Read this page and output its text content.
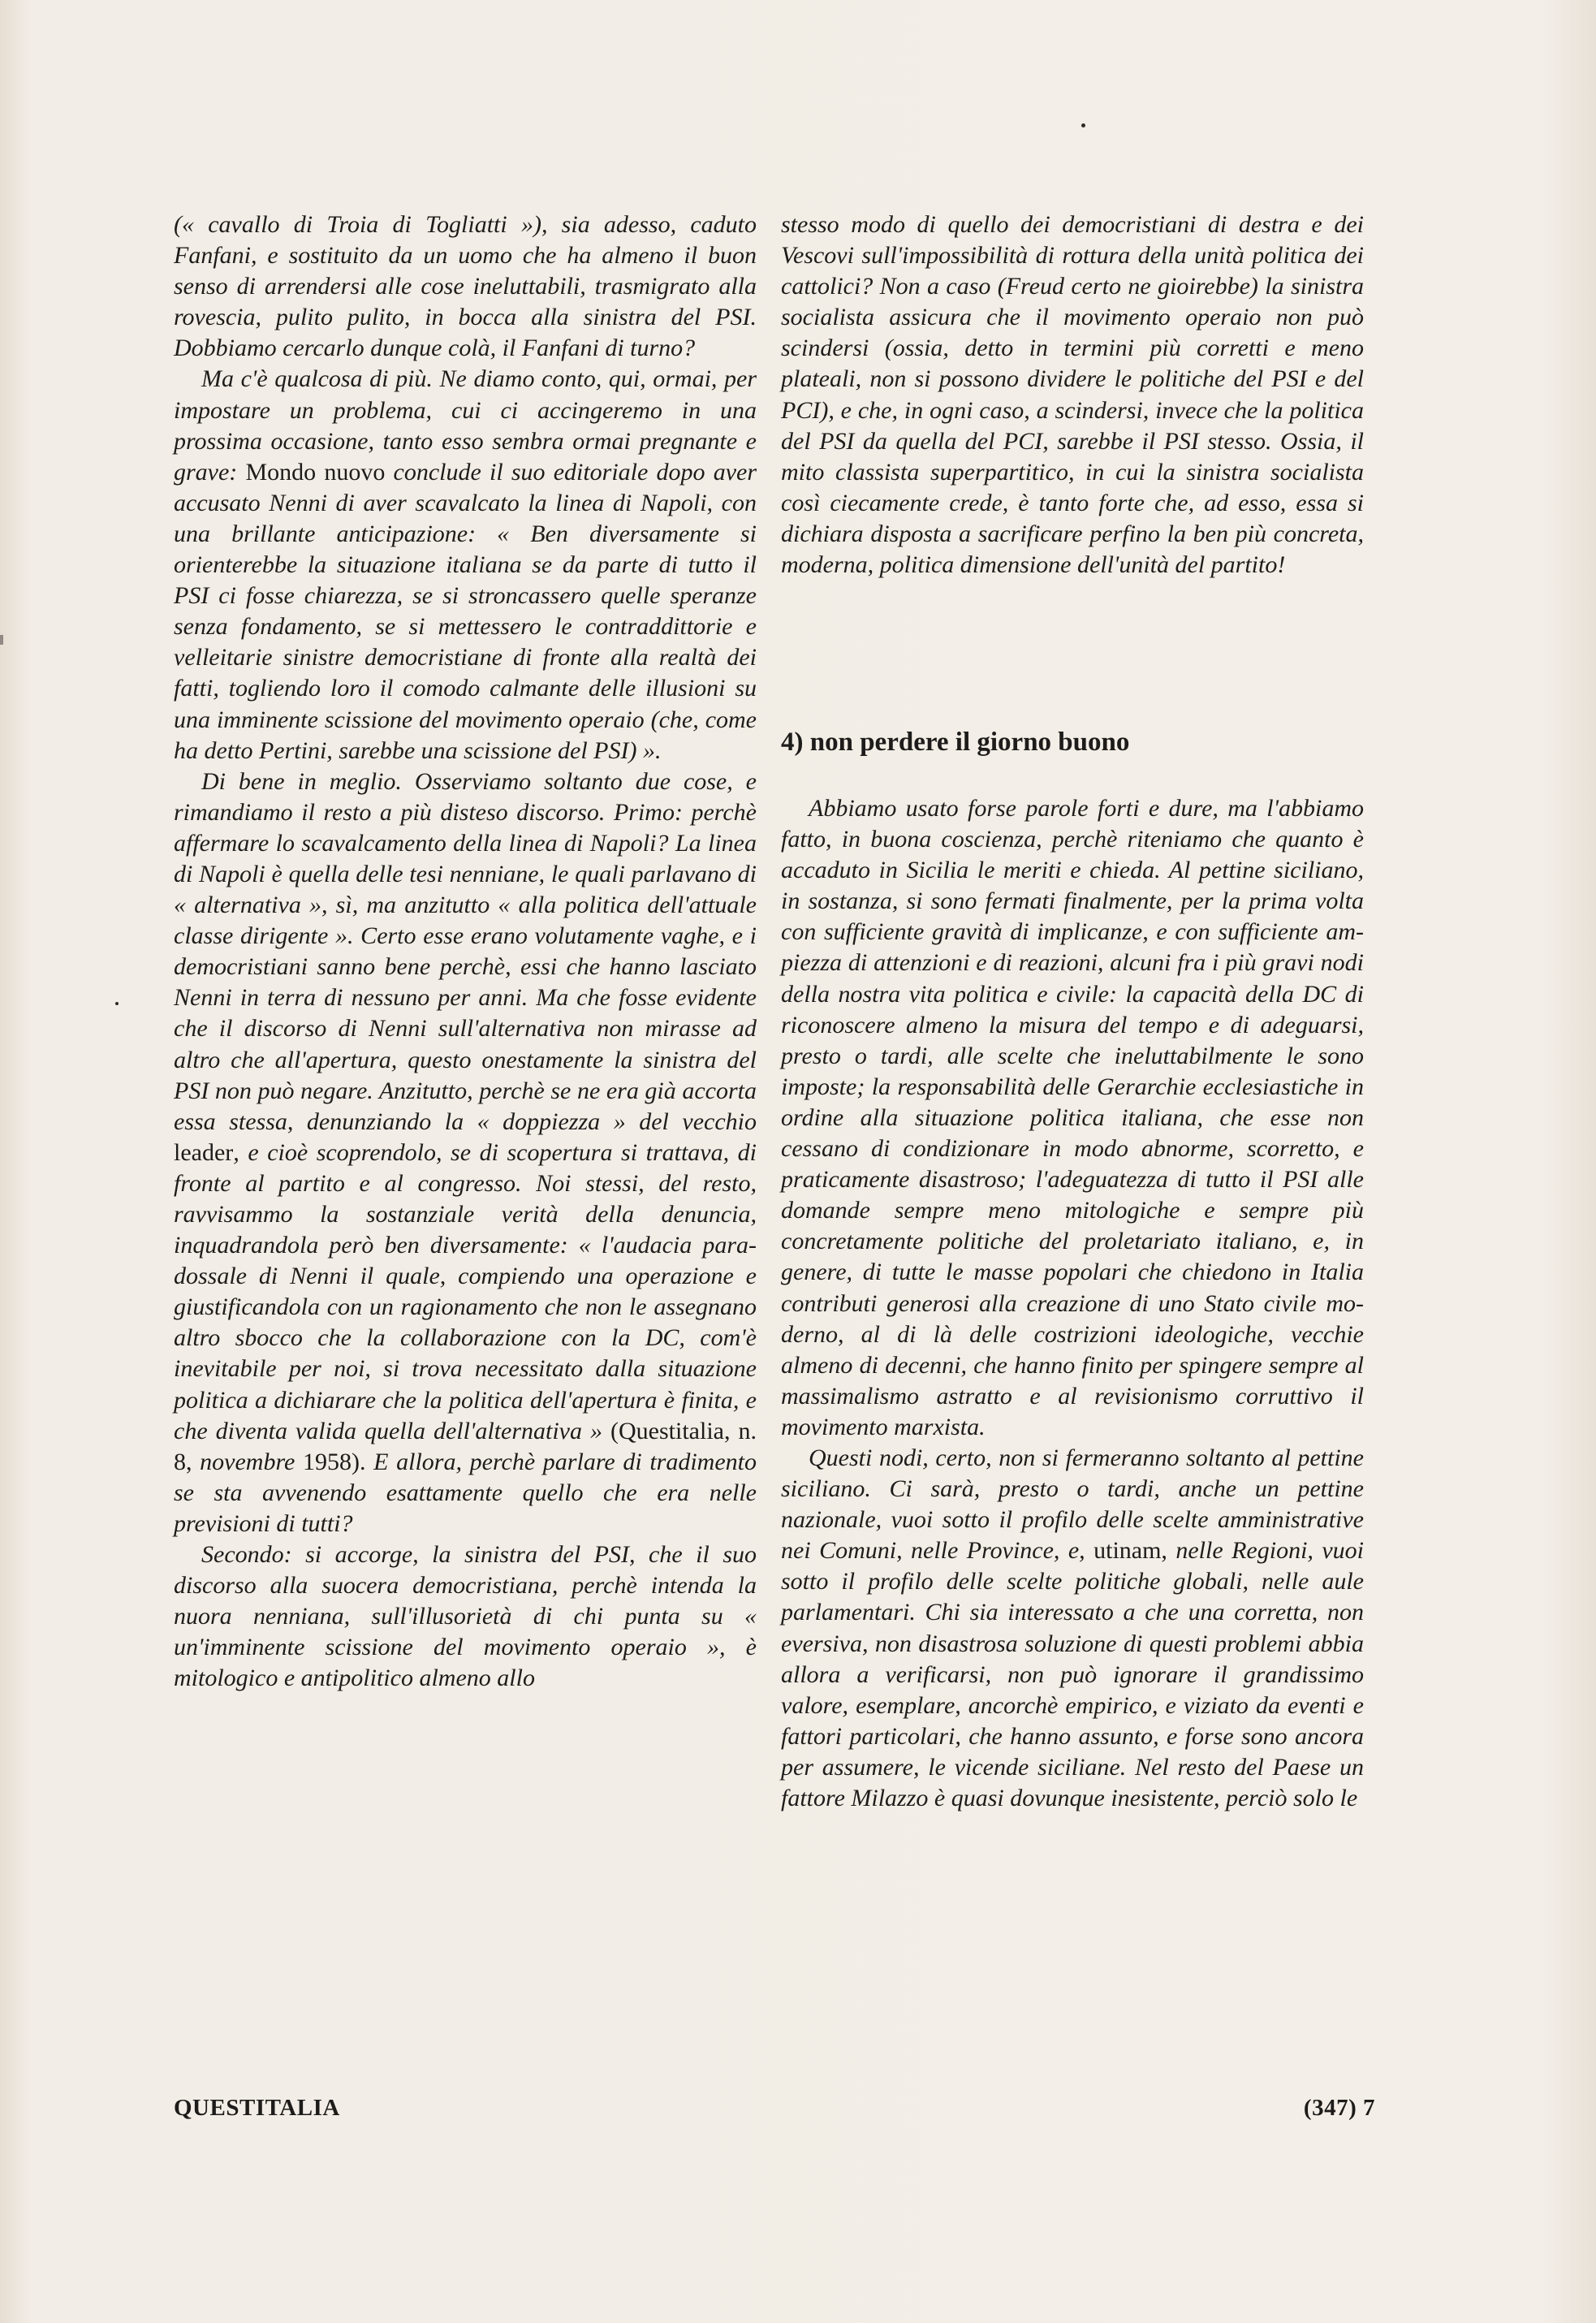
(« cavallo di Troia di Togliatti »), sia adesso, caduto Fanfani, e sostituito da un uomo che ha almeno il buon senso di arrendersi alle cose ineluttabili, trasmigrato alla rovescia, pulito pulito, in bocca alla sinistra del PSI. Dobbiamo cercarlo dunque colà, il Fanfani di turno?

Ma c'è qualcosa di più. Ne diamo conto, qui, ormai, per impostare un problema, cui ci accingeremo in una prossima occasione, tanto esso sembra ormai pregnante e grave: Mondo nuovo conclude il suo editoriale dopo aver accusato Nenni di aver scavalcato la linea di Napoli, con una brillante anticipazione: « Ben diversamente si orienterebbe la situazione italiana se da parte di tutto il PSI ci fosse chiarezza, se si stroncassero quelle speranze senza fondamento, se si mettessero le contraddittorie e velleitarie sinistre democristiane di fronte alla realtà dei fatti, togliendo loro il comodo calmante delle illusioni su una imminente scissione del movimento operaio (che, come ha detto Pertini, sarebbe una scissione del PSI) ».

Di bene in meglio. Osserviamo soltanto due cose, e rimandiamo il resto a più disteso discorso. Primo: perchè affermare lo scavalcamento della linea di Napoli? La linea di Napoli è quella delle tesi nenniane, le quali parlavano di « alternativa », sì, ma anzitutto « alla politica dell'attuale classe dirigente ». Certo esse erano volutamente vaghe, e i democristiani sanno bene perchè, essi che hanno lasciato Nenni in terra di nessuno per anni. Ma che fosse evidente che il discorso di Nenni sull'alternativa non mirasse ad altro che all'apertura, questo onestamente la sinistra del PSI non può negare. Anzitutto, perchè se ne era già accorta essa stessa, denunziando la « doppiezza » del vecchio leader, e cioè scoprendolo, se di scopertura si trattava, di fronte al partito e al congresso. Noi stessi, del resto, ravvisammo la sostanziale verità della denuncia, inquadrandola però ben diversamente: « l'audacia paradossale di Nenni il quale, compiendo una operazione e giustificandola con un ragionamento che non le assegnano altro sbocco che la collaborazione con la DC, com'è inevitabile per noi, si trova necessitato dalla situazione politica a dichiarare che la politica dell'apertura è finita, e che diventa valida quella dell'alternativa » (Questitalia, n. 8, novembre 1958). E allora, perchè parlare di tradimento se sta avvenendo esattamente quello che era nelle previsioni di tutti?

Secondo: si accorge, la sinistra del PSI, che il suo discorso alla suocera democristiana, perchè intenda la nuora nenniana, sull'illusorietà di chi punta su « un'imminente scissione del movimento operaio », è mitologico e antipolitico almeno allo

stesso modo di quello dei democristiani di destra e dei Vescovi sull'impossibilità di rottura della unità politica dei cattolici? Non a caso (Freud certo ne gioirebbe) la sinistra socialista assicura che il movimento operaio non può scindersi (ossia, detto in termini più corretti e meno plateali, non si possono dividere le politiche del PSI e del PCI), e che, in ogni caso, a scindersi, invece che la politica del PSI da quella del PCI, sarebbe il PSI stesso. Ossia, il mito classista superpartitico, in cui la sinistra socialista così ciecamente crede, è tanto forte che, ad esso, essa si dichiara disposta a sacrificare perfino la ben più concreta, moderna, politica dimensione dell'unità del partito!

4) non perdere il giorno buono

Abbiamo usato forse parole forti e dure, ma l'abbiamo fatto, in buona coscienza, perchè riteniamo che quanto è accaduto in Sicilia le meriti e chieda. Al pettine siciliano, in sostanza, si sono fermati finalmente, per la prima volta con sufficiente gravità di implicanze, e con sufficiente ampiezza di attenzioni e di reazioni, alcuni fra i più gravi nodi della nostra vita politica e civile: la capacità della DC di riconoscere almeno la misura del tempo e di adeguarsi, presto o tardi, alle scelte che ineluttabilmente le sono imposte; la responsabilità delle Gerarchie ecclesiastiche in ordine alla situazione politica italiana, che esse non cessano di condizionare in modo abnorme, scorretto, e praticamente disastroso; l'adeguatezza di tutto il PSI alle domande sempre meno mitologiche e sempre più concretamente politiche del proletariato italiano, e, in genere, di tutte le masse popolari che chiedono in Italia contributi generosi alla creazione di uno Stato civile moderno, al di là delle costrizioni ideologiche, vecchie almeno di decenni, che hanno finito per spingere sempre al massimalismo astratto e al revisionismo corruttivo il movimento marxista.

Questi nodi, certo, non si fermeranno soltanto al pettine siciliano. Ci sarà, presto o tardi, anche un pettine nazionale, vuoi sotto il profilo delle scelte amministrative nei Comuni, nelle Province, e, utinam, nelle Regioni, vuoi sotto il profilo delle scelte politiche globali, nelle aule parlamentari. Chi sia interessato a che una corretta, non eversiva, non disastrosa soluzione di questi problemi abbia allora a verificarsi, non può ignorare il grandissimo valore, esemplare, ancorchè empirico, e viziato da eventi e fattori particolari, che hanno assunto, e forse sono ancora per assumere, le vicende siciliane. Nel resto del Paese un fattore Milazzo è quasi dovunque inesistente, perciò solo le

QUESTITALIA	(347) 7
